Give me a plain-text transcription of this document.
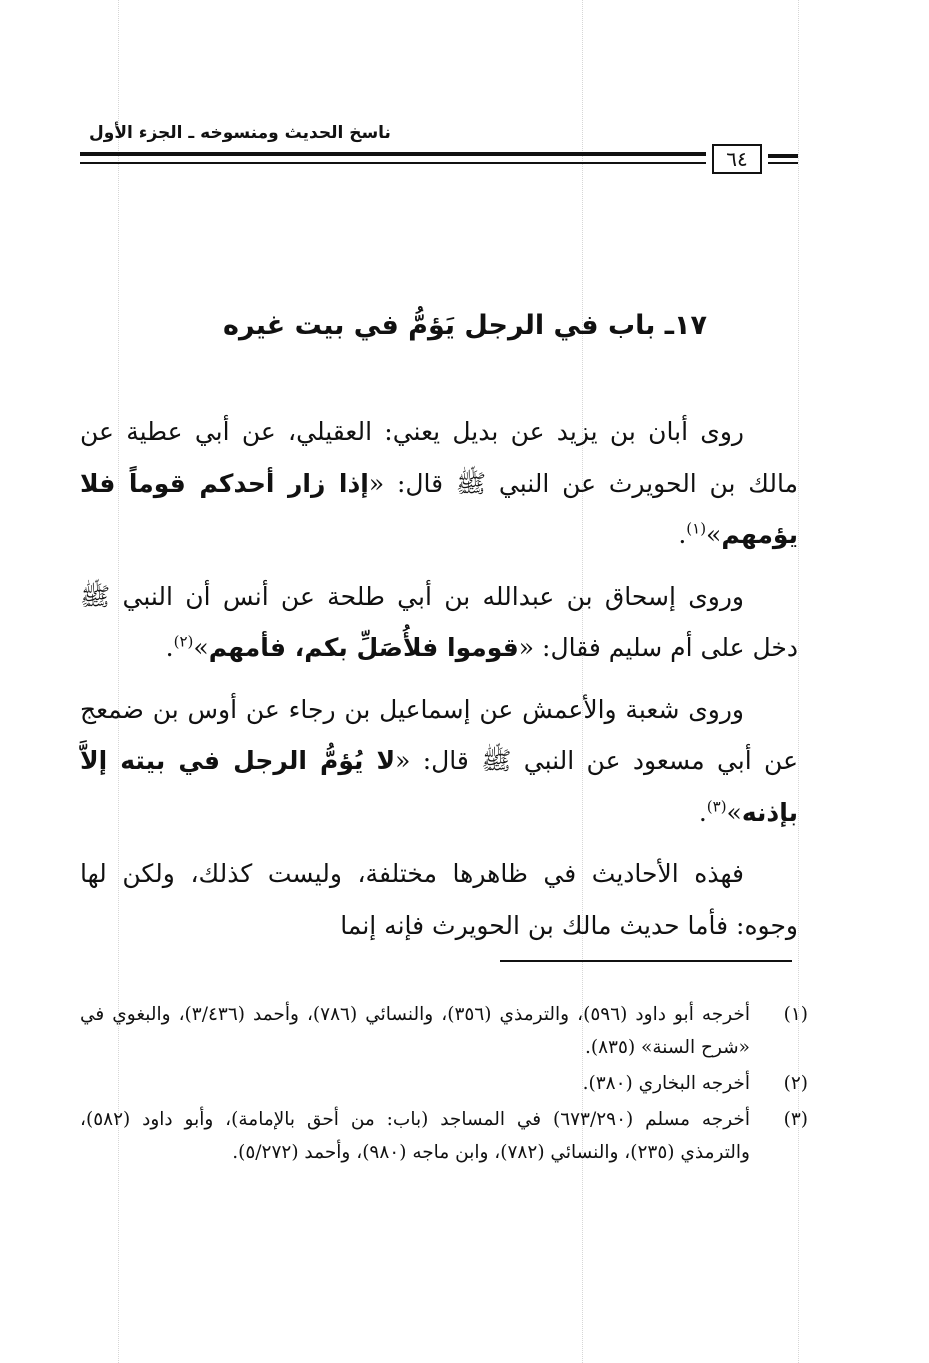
ناسخ الحديث ومنسوخه ـ الجزء الأول
٦٤
١٧ـ باب في الرجل يَؤمُّ في بيت غيره

روى أبان بن يزيد عن بديل يعني: العقيلي، عن أبي عطية عن مالك بن الحويرث عن النبي ﷺ قال: «إذا زار أحدكم قوماً فلا يؤمهم»$^{(١)}$.

وروى إسحاق بن عبدالله بن أبي طلحة عن أنس أن النبي ﷺ دخل على أم سليم فقال: «قوموا فلأُصَلِّ بكم، فأمهم»$^{(٢)}$.

وروى شعبة والأعمش عن إسماعيل بن رجاء عن أوس بن ضمعج عن أبي مسعود عن النبي ﷺ قال: «لا يُؤمُّ الرجل في بيته إلاَّ بإذنه»$^{(٣)}$.

فهذه الأحاديث في ظاهرها مختلفة، وليست كذلك، ولكن لها وجوه: فأما حديث مالك بن الحويرث فإنه إنما

(١)
أخرجه أبو داود (٥٩٦)، والترمذي (٣٥٦)، والنسائي (٧٨٦)، وأحمد (٣/٤٣٦)، والبغوي في «شرح السنة» (٨٣٥).
(٢)
أخرجه البخاري (٣٨٠).
(٣)
أخرجه مسلم (٦٧٣/٢٩٠) في المساجد (باب: من أحق بالإمامة)، وأبو داود (٥٨٢)، والترمذي (٢٣٥)، والنسائي (٧٨٢)، وابن ماجه (٩٨٠)، وأحمد (٥/٢٧٢).
